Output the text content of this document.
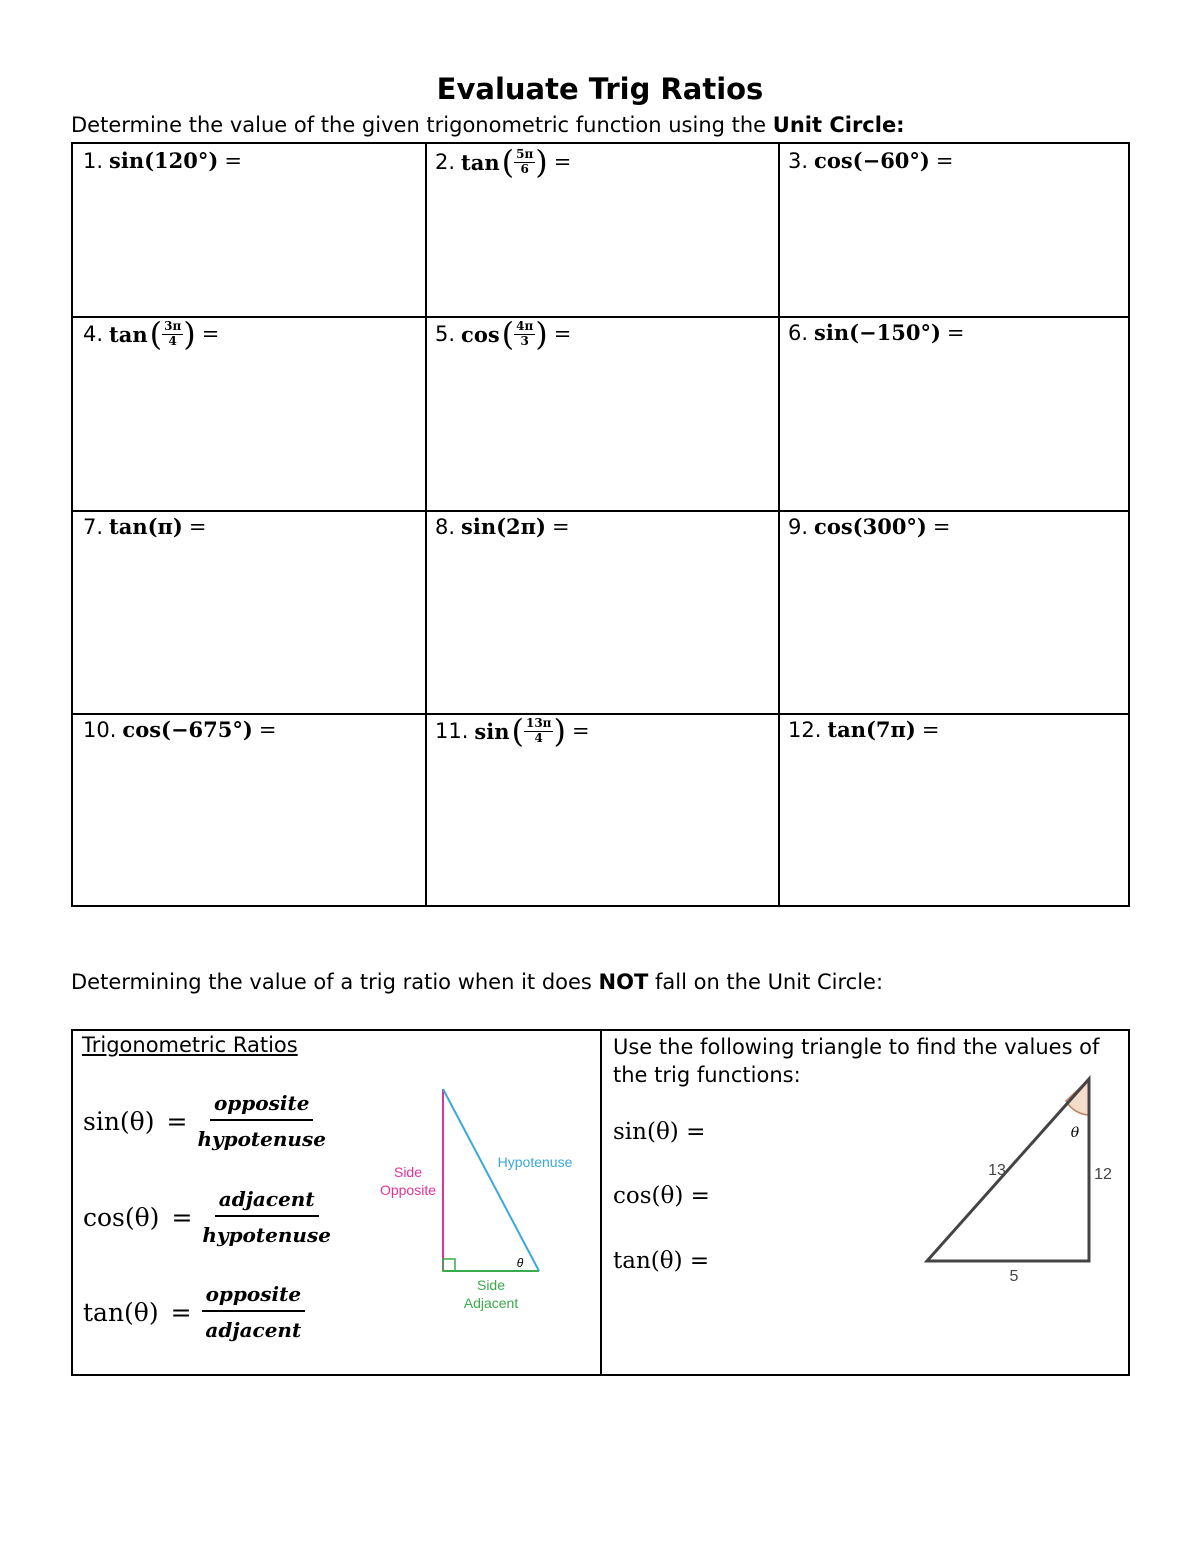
Evaluate Trig Ratios
Determine the value of the given trigonometric function using the Unit Circle:
1. sin(120°) =	2. tan ( $\frac{5\pi}{6}$ ) =	3. cos(−60°) =
4. tan ( $\frac{3\pi}{4}$ ) =	5. cos ( $\frac{4\pi}{3}$ ) =	6. sin(−150°) =
7. tan(π) =	8. sin(2π) =	9. cos(300°) =
10. cos(−675°) =	11. sin ( $\frac{13\pi}{4}$ ) =	12. tan(7π) =
Determining the value of a trig ratio when it does NOT fall on the Unit Circle:
Trigonometric Ratios
sin(θ) =
opposite
hypotenuse
cos(θ) =
adjacent
hypotenuse
tan(θ) =
opposite
adjacent
Side
Opposite
Hypotenuse
Side
Adjacent
θ
Use the following triangle to find the values of the trig functions:
sin(θ) =
cos(θ) =
tan(θ) =
13	12
5
θ
